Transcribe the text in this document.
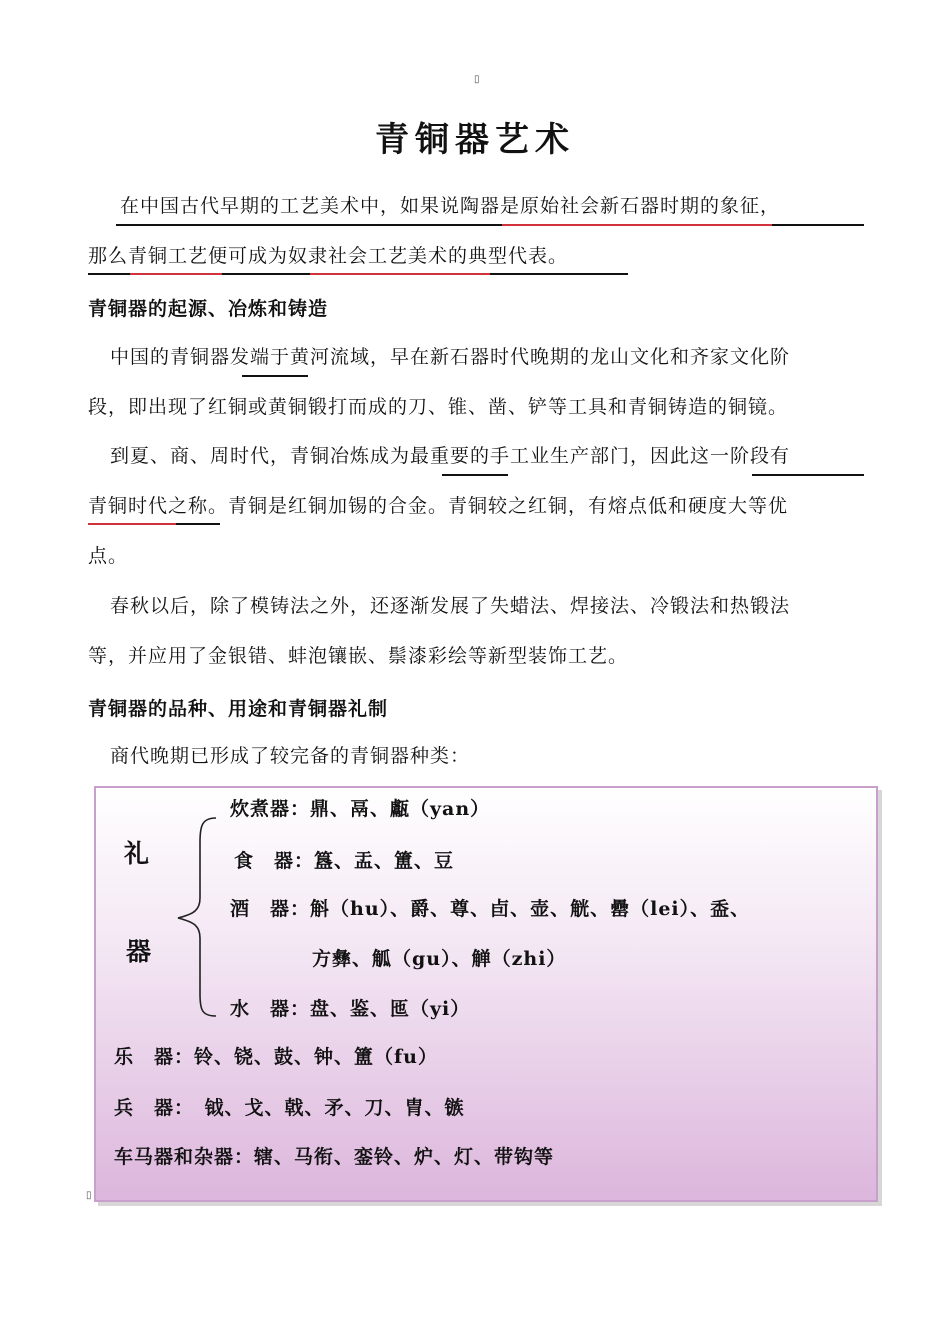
▯
青铜器艺术
在中国古代早期的工艺美术中，如果说陶器是原始社会新石器时期的象征，
那么青铜工艺便可成为奴隶社会工艺美术的典型代表。
青铜器的起源、冶炼和铸造
中国的青铜器发端于黄河流域，早在新石器时代晚期的龙山文化和齐家文化阶
段，即出现了红铜或黄铜锻打而成的刀、锥、凿、铲等工具和青铜铸造的铜镜。
到夏、商、周时代，青铜冶炼成为最重要的手工业生产部门，因此这一阶段有
青铜时代之称。青铜是红铜加锡的合金。青铜较之红铜，有熔点低和硬度大等优
点。
春秋以后，除了模铸法之外，还逐渐发展了失蜡法、焊接法、冷锻法和热锻法
等，并应用了金银错、蚌泡镶嵌、鬃漆彩绘等新型装饰工艺。
青铜器的品种、用途和青铜器礼制
商代晚期已形成了较完备的青铜器种类：
礼
器
炊煮器：鼎、鬲、甗（yan）
食　器：簋、盂、簠、豆
酒　器：斛（hu）、爵、尊、卣、壶、觥、罍（lei）、盉、
方彝、觚（gu）、觯（zhi）
水　器：盘、鉴、匜（yi）
乐　器：铃、铙、鼓、钟、簠（fu）
兵　器：　钺、戈、戟、矛、刀、胄、镞
车马器和杂器：辖、马衔、銮铃、炉、灯、带钩等
▯
